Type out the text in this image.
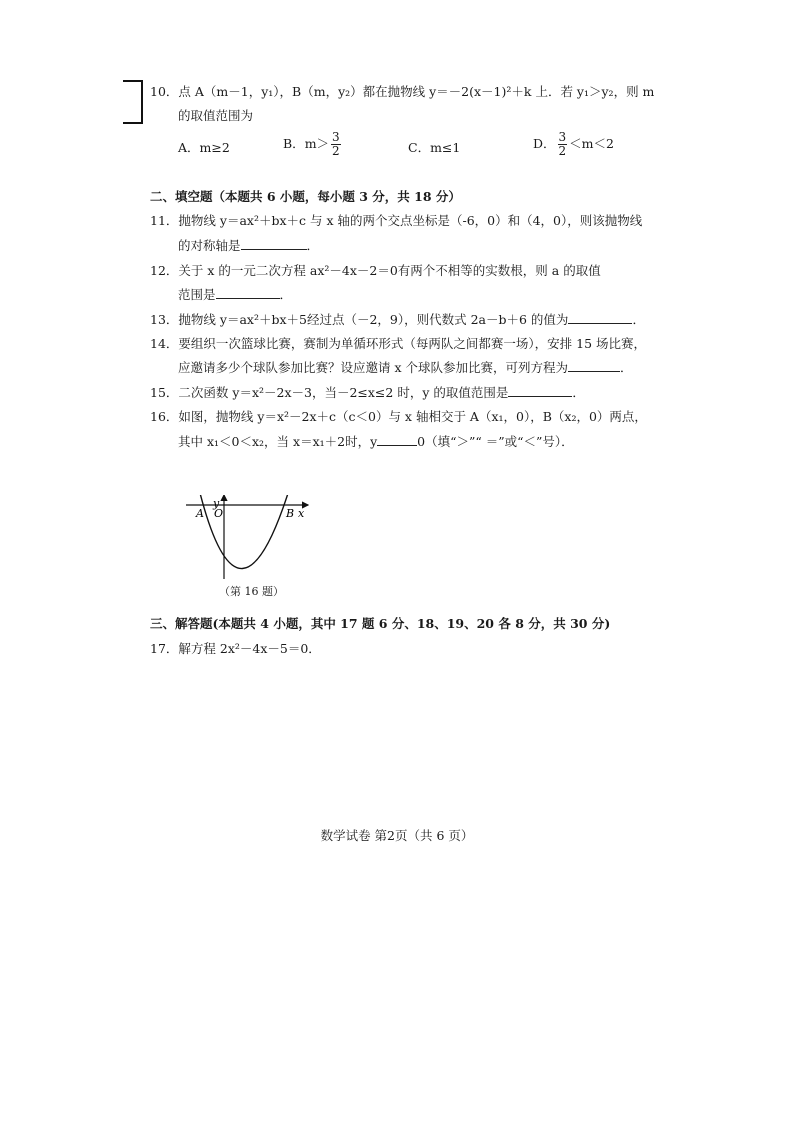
10．点 A（m－1，y₁），B（m，y₂）都在抛物线 y＝－2(x－1)²＋k 上．若 y₁＞y₂，则 m
的取值范围为
A．m≥2	B．$m> \frac{3}{2}$	C．m≤1	D． $\frac{3}{2} <m<2$
二、填空题（本题共 6 小题，每小题 3 分，共 18 分）
11．抛物线 y＝ax²＋bx＋c 与 x 轴的两个交点坐标是（-6，0）和（4，0），则该抛物线
的对称轴是	．
12．关于 x 的一元二次方程 ax²－4x－2＝0有两个不相等的实数根，则 a 的取值
范围是	．
13．抛物线 y＝ax²＋bx＋5经过点（－2，9），则代数式 2a－b＋6 的值为	．
14．要组织一次篮球比赛，赛制为单循环形式（每两队之间都赛一场），安排 15 场比赛，
应邀请多少个球队参加比赛？设应邀请 x 个球队参加比赛，可列方程为	．
15．二次函数 y＝x²－2x－3，当－2≤x≤2 时，y 的取值范围是	．
16．如图，抛物线 y＝x²－2x＋c（c＜0）与 x 轴相交于 A（x₁，0），B（x₂，0）两点，
其中 x₁＜0＜x₂，当 x＝x₁＋2时，y	0（填“＞”“ ＝”或“＜”号）．
y
A O	B x
（第 16 题）
三、解答题(本题共 4 小题，其中 17 题 6 分、18、19、20 各 8 分，共 30 分)
17．解方程 2x²－4x－5＝0．
数学试卷 第2页（共 6 页）
